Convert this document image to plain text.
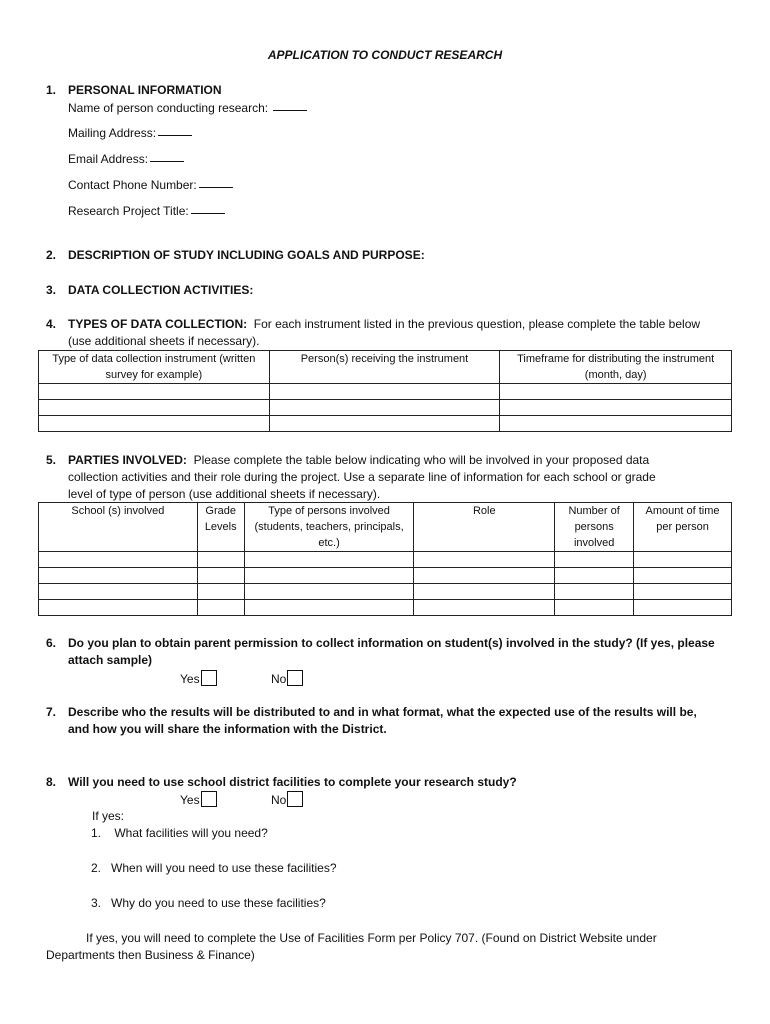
APPLICATION TO CONDUCT RESEARCH
1. PERSONAL INFORMATION
Name of person conducting research:
Mailing Address:
Email Address:
Contact Phone Number:
Research Project Title:
2. DESCRIPTION OF STUDY INCLUDING GOALS AND PURPOSE:
3. DATA COLLECTION ACTIVITIES:
4. TYPES OF DATA COLLECTION: For each instrument listed in the previous question, please complete the table below
(use additional sheets if necessary).
Type of data collection instrument (written survey for example)	Person(s) receiving the instrument	Timeframe for distributing the instrument (month, day)

5. PARTIES INVOLVED: Please complete the table below indicating who will be involved in your proposed data
collection activities and their role during the project. Use a separate line of information for each school or grade
level of type of person (use additional sheets if necessary).
School (s) involved	Grade Levels	Type of persons involved (students, teachers, principals, etc.)	Role	Number of persons involved	Amount of time per person

6. Do you plan to obtain parent permission to collect information on student(s) involved in the study? (If yes, please
attach sample)
Yes	No
7. Describe who the results will be distributed to and in what format, what the expected use of the results will be,
and how you will share the information with the District.
8. Will you need to use school district facilities to complete your research study?
Yes	No
If yes:
1. What facilities will you need?
2. When will you need to use these facilities?
3. Why do you need to use these facilities?
If yes, you will need to complete the Use of Facilities Form per Policy 707. (Found on District Website under
Departments then Business & Finance)
